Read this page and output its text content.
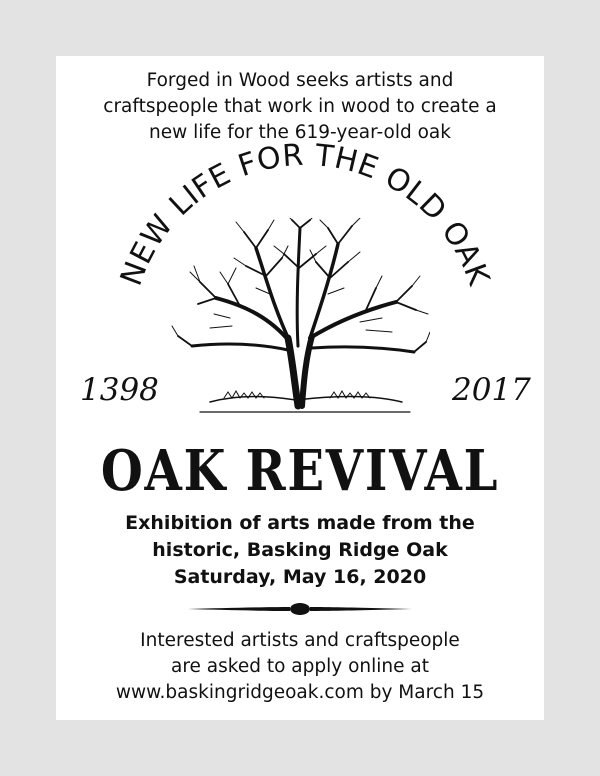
Forged in Wood seeks artists and
craftspeople that work in wood to create a
new life for the 619-year-old oak
NEW LIFE FOR THE OLD OAK
1398	2017
OAK REVIVAL
Exhibition of arts made from the
historic, Basking Ridge Oak
Saturday, May 16, 2020
Interested artists and craftspeople
are asked to apply online at
www.baskingridgeoak.com by March 15
